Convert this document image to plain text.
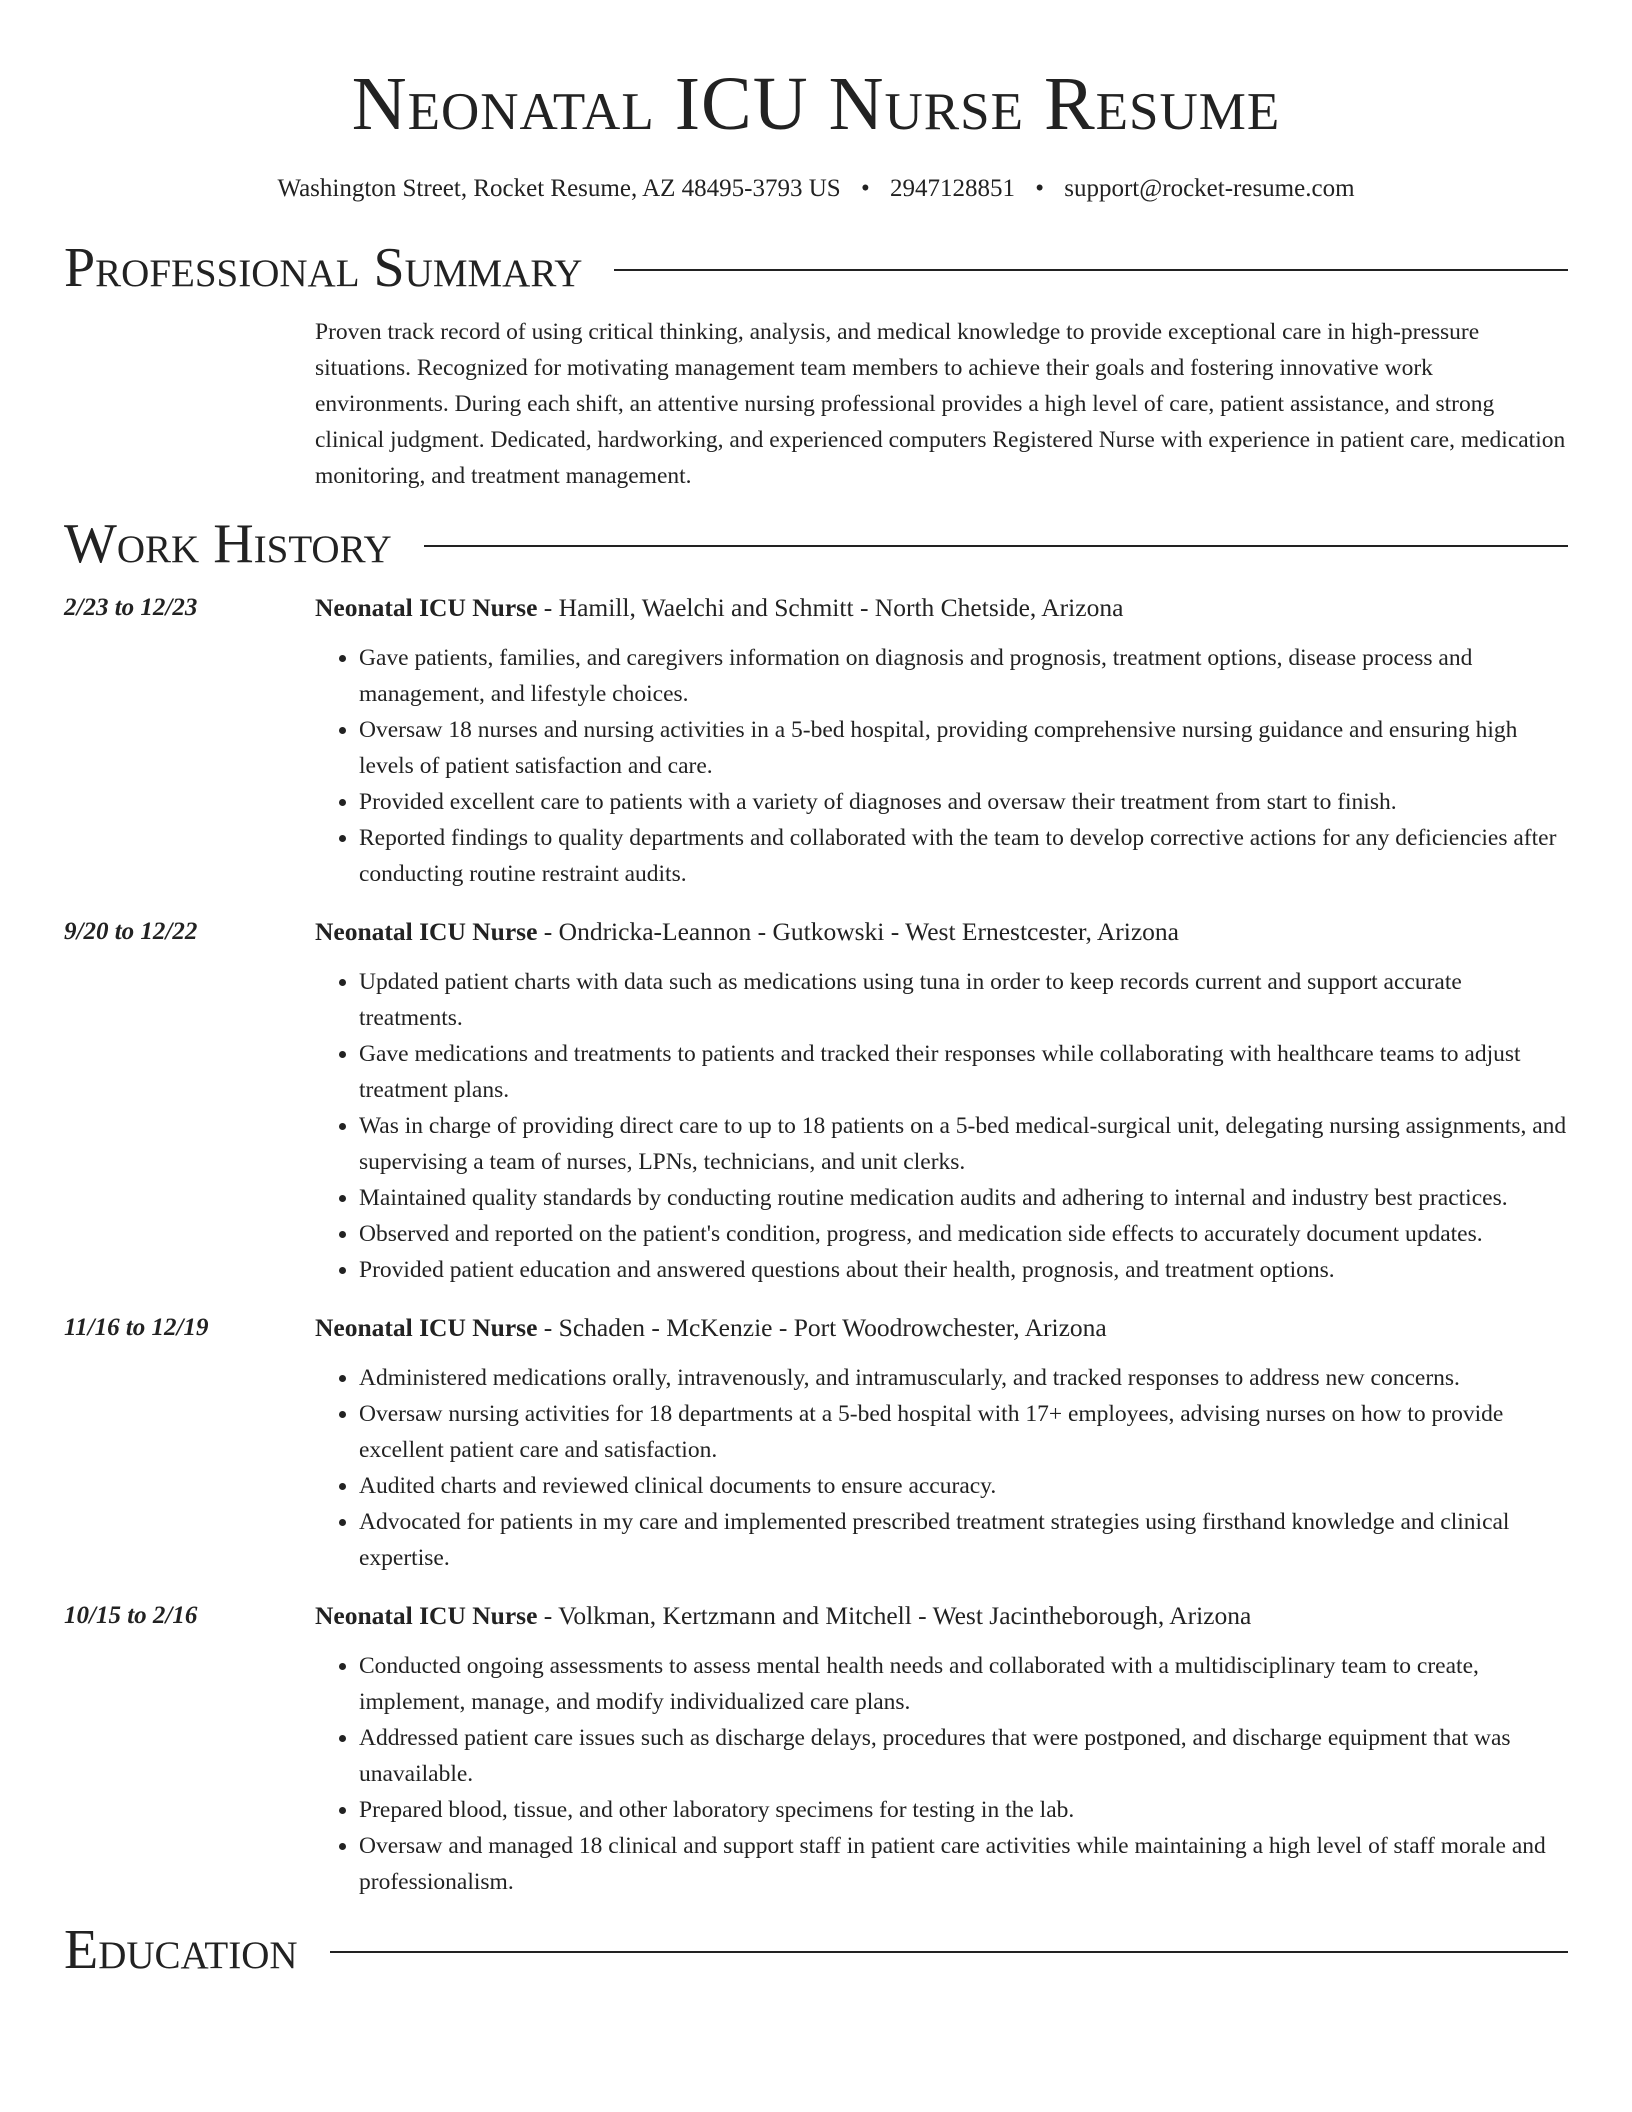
Neonatal ICU Nurse Resume
Washington Street, Rocket Resume, AZ 48495-3793 US • 2947128851 • support@rocket-resume.com
Professional Summary

Proven track record of using critical thinking, analysis, and medical knowledge to provide exceptional care in high-pressure situations. Recognized for motivating management team members to achieve their goals and fostering innovative work environments. During each shift, an attentive nursing professional provides a high level of care, patient assistance, and strong clinical judgment. Dedicated, hardworking, and experienced computers Registered Nurse with experience in patient care, medication monitoring, and treatment management.

Work History
2/23 to 12/23	Neonatal ICU Nurse - Hamill, Waelchi and Schmitt - North Chetside, Arizona
• Gave patients, families, and caregivers information on diagnosis and prognosis, treatment options, disease process and management, and lifestyle choices.
• Oversaw 18 nurses and nursing activities in a 5-bed hospital, providing comprehensive nursing guidance and ensuring high levels of patient satisfaction and care.
• Provided excellent care to patients with a variety of diagnoses and oversaw their treatment from start to finish.
• Reported findings to quality departments and collaborated with the team to develop corrective actions for any deficiencies after conducting routine restraint audits.
9/20 to 12/22	Neonatal ICU Nurse - Ondricka-Leannon - Gutkowski - West Ernestcester, Arizona
• Updated patient charts with data such as medications using tuna in order to keep records current and support accurate treatments.
• Gave medications and treatments to patients and tracked their responses while collaborating with healthcare teams to adjust treatment plans.
• Was in charge of providing direct care to up to 18 patients on a 5-bed medical-surgical unit, delegating nursing assignments, and supervising a team of nurses, LPNs, technicians, and unit clerks.
• Maintained quality standards by conducting routine medication audits and adhering to internal and industry best practices.
• Observed and reported on the patient's condition, progress, and medication side effects to accurately document updates.
• Provided patient education and answered questions about their health, prognosis, and treatment options.
11/16 to 12/19	Neonatal ICU Nurse - Schaden - McKenzie - Port Woodrowchester, Arizona
• Administered medications orally, intravenously, and intramuscularly, and tracked responses to address new concerns.
• Oversaw nursing activities for 18 departments at a 5-bed hospital with 17+ employees, advising nurses on how to provide excellent patient care and satisfaction.
• Audited charts and reviewed clinical documents to ensure accuracy.
• Advocated for patients in my care and implemented prescribed treatment strategies using firsthand knowledge and clinical expertise.
10/15 to 2/16	Neonatal ICU Nurse - Volkman, Kertzmann and Mitchell - West Jacintheborough, Arizona
• Conducted ongoing assessments to assess mental health needs and collaborated with a multidisciplinary team to create, implement, manage, and modify individualized care plans.
• Addressed patient care issues such as discharge delays, procedures that were postponed, and discharge equipment that was unavailable.
• Prepared blood, tissue, and other laboratory specimens for testing in the lab.
• Oversaw and managed 18 clinical and support staff in patient care activities while maintaining a high level of staff morale and professionalism.
Education
